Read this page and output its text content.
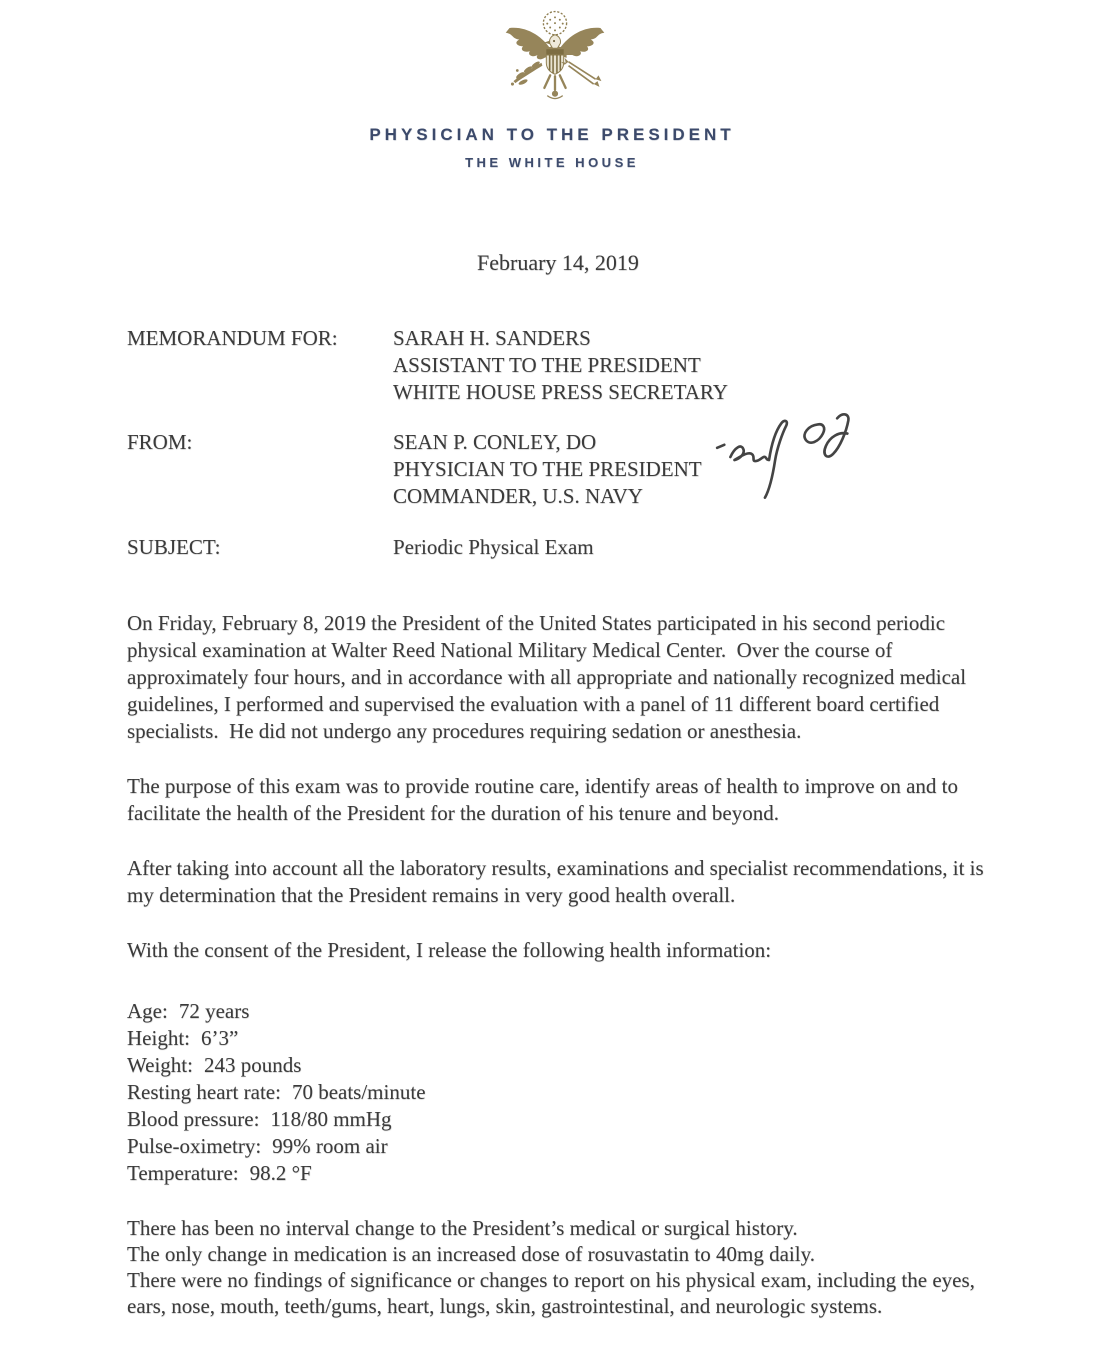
PHYSICIAN TO THE PRESIDENT
THE WHITE HOUSE
February 14, 2019
MEMORANDUM FOR:	SARAH H. SANDERS
ASSISTANT TO THE PRESIDENT
WHITE HOUSE PRESS SECRETARY
FROM:	SEAN P. CONLEY, DO
PHYSICIAN TO THE PRESIDENT
COMMANDER, U.S. NAVY
SUBJECT:	Periodic Physical Exam

On Friday, February 8, 2019 the President of the United States participated in his second periodic physical examination at Walter Reed National Military Medical Center.  Over the course of approximately four hours, and in accordance with all appropriate and nationally recognized medical guidelines, I performed and supervised the evaluation with a panel of 11 different board certified specialists.  He did not undergo any procedures requiring sedation or anesthesia.

The purpose of this exam was to provide routine care, identify areas of health to improve on and to facilitate the health of the President for the duration of his tenure and beyond.

After taking into account all the laboratory results, examinations and specialist recommendations, it is my determination that the President remains in very good health overall.

With the consent of the President, I release the following health information:

Age: 72 years
Height: 6’3”
Weight: 243 pounds
Resting heart rate: 70 beats/minute
Blood pressure: 118/80 mmHg
Pulse-oximetry: 99% room air
Temperature: 98.2 °F
There has been no interval change to the President’s medical or surgical history.
The only change in medication is an increased dose of rosuvastatin to 40mg daily.
There were no findings of significance or changes to report on his physical exam, including the eyes, ears, nose, mouth, teeth/gums, heart, lungs, skin, gastrointestinal, and neurologic systems.
